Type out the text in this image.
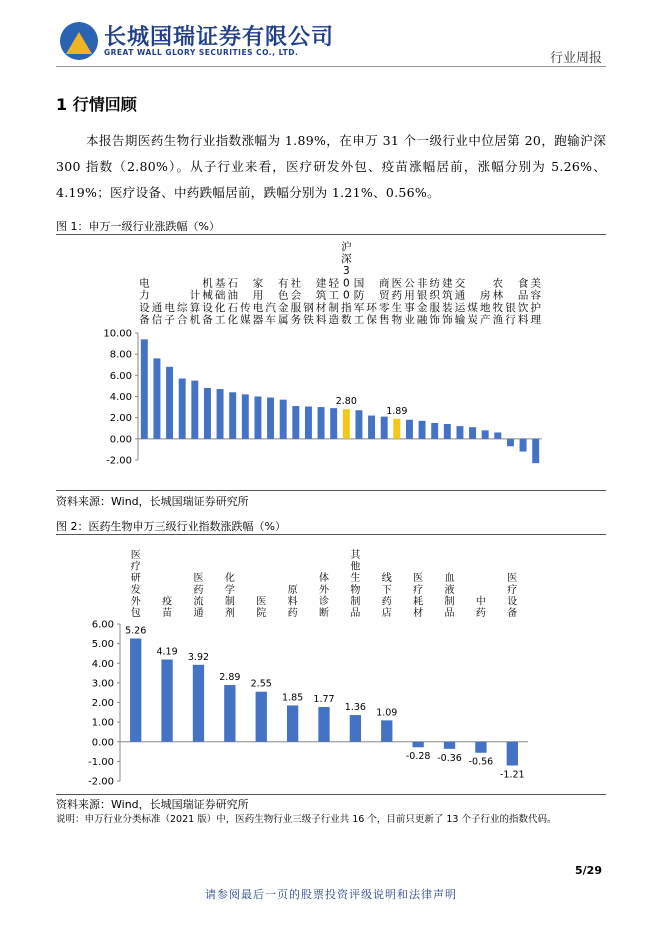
长城国瑞证券有限公司
GREAT WALL GLORY SECURITIES CO., LTD.	行业周报
1 行情回顾
本报告期医药生物行业指数涨幅为 1.89%，在申万 31 个一级行业中位居第 20，跑输沪深 300 指数（2.80%）。从子行业来看，医疗研发外包、疫苗涨幅居前，涨幅分别为 5.26%、4.19%；医疗设备、中药跌幅居前，跌幅分别为 1.21%、0.56%。
图 1：申万一级行业涨跌幅（%）
10.00
8.00
6.00
4.00
2.00
0.00
-2.00
电
力
设
备
通
信
电
子
综
合
计
算
机
机
械
设
备
基
础
化
工
石
油
石
化
传
媒
家
用
电
器
汽
车
有
色
金
属
社
会
服
务
钢
铁
建
筑
材
料
轻
工
制
造
沪
深
3
0
0
指
数
2.80
国
防
军
工
环
保
商
贸
零
售
医
药
生
物
1.89
公
用
事
业
非
银
金
融
纺
织
服
饰
建
筑
装
饰
交
通
运
输
煤
炭
房
地
产
农
林
牧
渔
银
行
食
品
饮
料
美
容
护
理
资料来源：Wind，长城国瑞证券研究所
图 2：医药生物申万三级行业指数涨跌幅（%）
6.00
5.00
4.00
3.00
2.00
1.00
0.00
-1.00
-2.00
医
疗
研
发
外
包
5.26
疫
苗
4.19
医
药
流
通
3.92
化
学
制
剂
2.89
医
院
2.55
原
料
药
1.85
体
外
诊
断
1.77
其
他
生
物
制
品
1.36
线
下
药
店
1.09
医
疗
耗
材
-0.28
血
液
制
品
-0.36
中
药
-0.56
医
疗
设
备
-1.21
资料来源：Wind，长城国瑞证券研究所
说明：申万行业分类标准（2021 版）中，医药生物行业三级子行业共 16 个，目前只更新了 13 个子行业的指数代码。
5/29
请参阅最后一页的股票投资评级说明和法律声明
